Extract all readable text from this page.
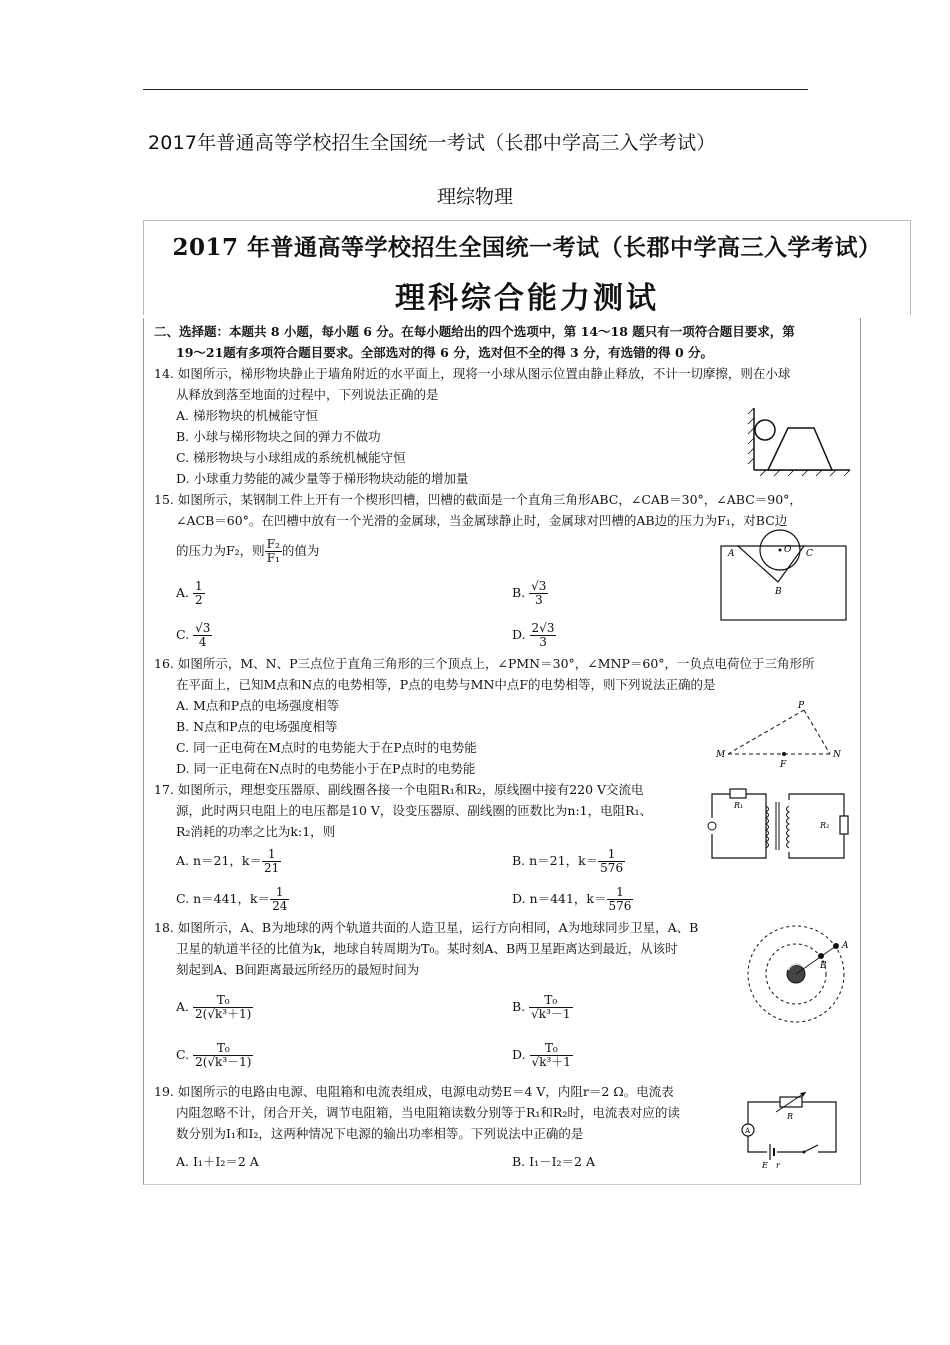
2017年普通高等学校招生全国统一考试（长郡中学高三入学考试）
理综物理
2017 年普通高等学校招生全国统一考试（长郡中学高三入学考试）
理科综合能力测试
二、选择题：本题共 8 小题，每小题 6 分。在每小题给出的四个选项中，第 14～18 题只有一项符合题目要求，第
19～21题有多项符合题目要求。全部选对的得 6 分，选对但不全的得 3 分，有选错的得 0 分。
14. 如图所示，梯形物块静止于墙角附近的水平面上，现将一小球从图示位置由静止释放，不计一切摩擦，则在小球
从释放到落至地面的过程中，下列说法正确的是
A. 梯形物块的机械能守恒
B. 小球与梯形物块之间的弹力不做功
C. 梯形物块与小球组成的系统机械能守恒
D. 小球重力势能的减少量等于梯形物块动能的增加量
15. 如图所示，某钢制工件上开有一个楔形凹槽，凹槽的截面是一个直角三角形ABC，∠CAB＝30°，∠ABC＝90°，
∠ACB＝60°。在凹槽中放有一个光滑的金属球，当金属球静止时，金属球对凹槽的AB边的压力为F₁，对BC边
的压力为F₂，则 $\frac{\text{F₂}}{\text{F₁}}$ 的值为
A. $\frac{1}{2}$	B. $\frac{√3}{3}$
C. $\frac{√3}{4}$	D. $\frac{2√3}{3}$
A	C
B
O
16. 如图所示，M、N、P三点位于直角三角形的三个顶点上，∠PMN＝30°，∠MNP＝60°，一负点电荷位于三角形所
在平面上，已知M点和N点的电势相等，P点的电势与MN中点F的电势相等，则下列说法正确的是
A. M点和P点的电场强度相等
B. N点和P点的电场强度相等
C. 同一正电荷在M点时的电势能大于在P点时的电势能
D. 同一正电荷在N点时的电势能小于在P点时的电势能
M	N
P
F
17. 如图所示，理想变压器原、副线圈各接一个电阻R₁和R₂，原线圈中接有220 V交流电
源，此时两只电阻上的电压都是10 V，设变压器原、副线圈的匝数比为n:1，电阻R₁、
R₂消耗的功率之比为k:1，则
A. n＝21，$k= \frac{1}{21}$	B. n＝21，$k= \frac{1}{576}$
C. n＝441，$k= \frac{1}{24}$	D. n＝441，$k= \frac{1}{576}$
R₁
R₂
18. 如图所示，A、B为地球的两个轨道共面的人造卫星，运行方向相同，A为地球同步卫星，A、B
卫星的轨道半径的比值为k，地球自转周期为T₀。某时刻A、B两卫星距离达到最近，从该时
刻起到A、B间距离最远所经历的最短时间为
A. $\frac{\text{T₀}}{\text{2(√k³＋1)}}$	B. $\frac{\text{T₀}}{\text{√k³－1}}$
C. $\frac{\text{T₀}}{\text{2(√k³－1)}}$	D. $\frac{\text{T₀}}{\text{√k³＋1}}$
A
B
19. 如图所示的电路由电源、电阻箱和电流表组成，电源电动势E＝4 V，内阻r＝2 Ω。电流表
内阻忽略不计，闭合开关，调节电阻箱，当电阻箱读数分别等于R₁和R₂时，电流表对应的读
数分别为I₁和I₂，这两种情况下电源的输出功率相等。下列说法中正确的是
A. I₁＋I₂＝2 A	B. I₁－I₂＝2 A
R
A
E r
